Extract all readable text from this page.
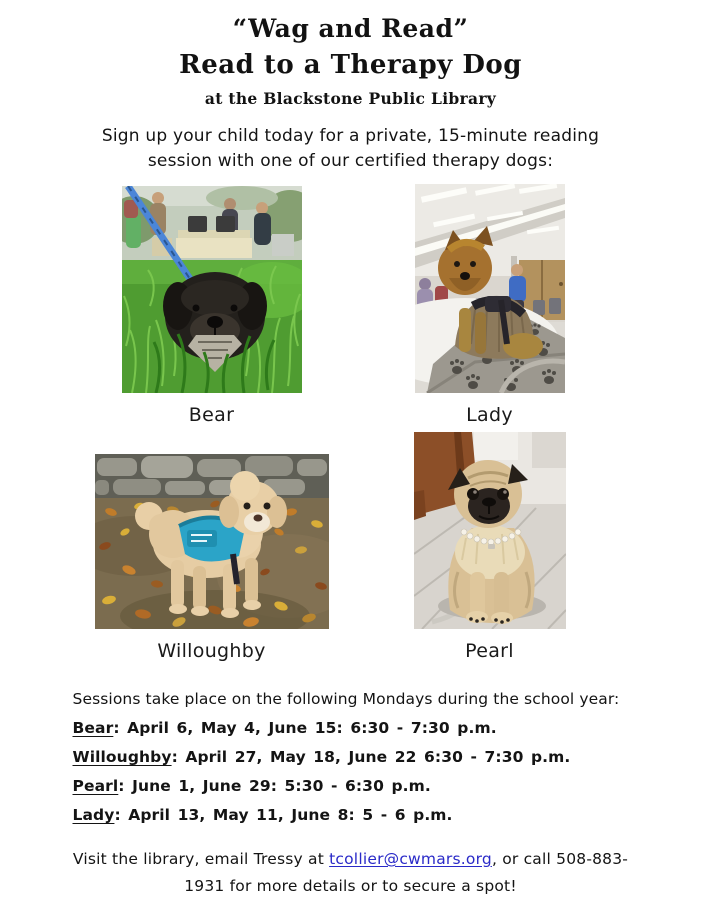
“Wag and Read”
Read to a Therapy Dog
at the Blackstone Public Library
Sign up your child today for a private, 15-minute reading
session with one of our certified therapy dogs:
Bear	Lady
Willoughby	Pearl

Sessions take place on the following Mondays during the school year:

Bear: April 6, May 4, June 15: 6:30 - 7:30 p.m.

Willoughby: April 27, May 18, June 22 6:30 - 7:30 p.m.

Pearl: June 1, June 29: 5:30 - 6:30 p.m.

Lady: April 13, May 11, June 8: 5 - 6 p.m.

Visit the library, email Tressy at tcollier@cwmars.org, or call 508-883-
1931 for more details or to secure a spot!
